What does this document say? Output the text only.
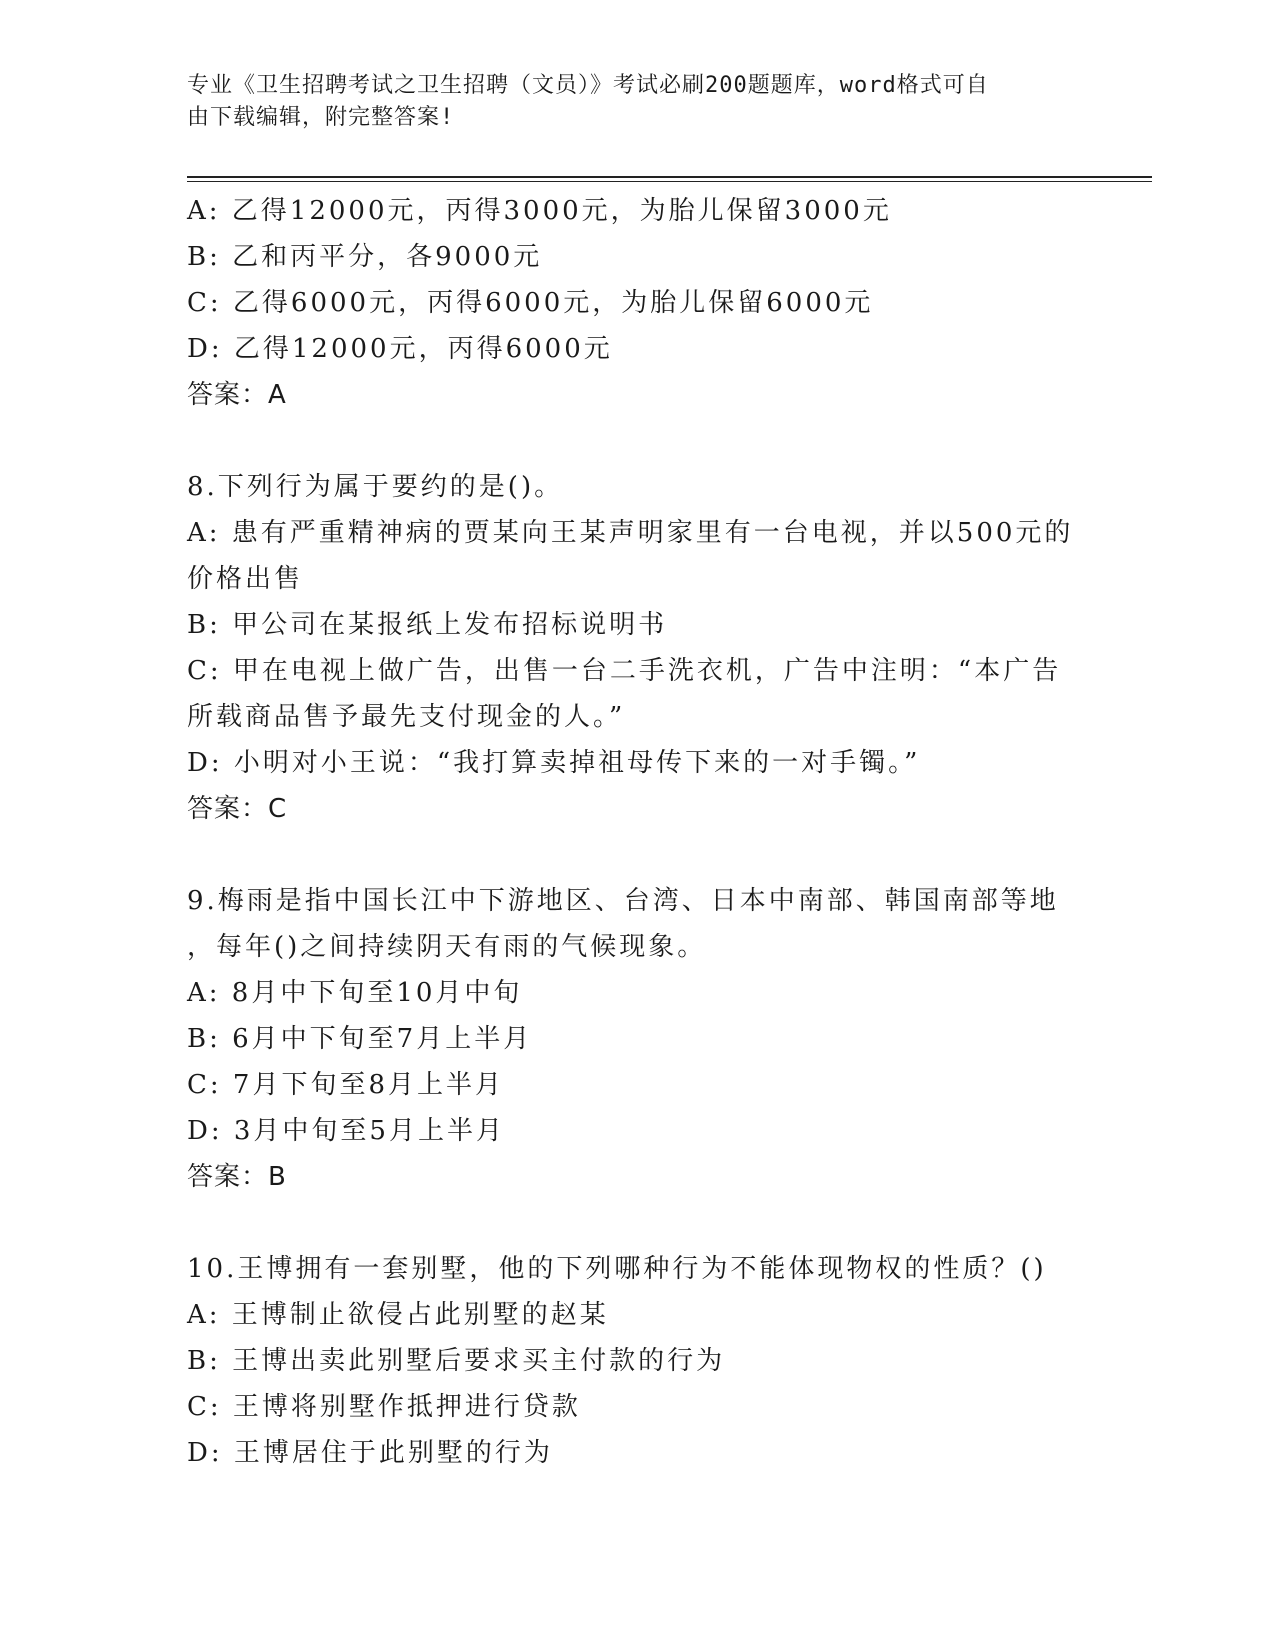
专业《卫生招聘考试之卫生招聘（文员）》考试必刷200题题库，word格式可自
由下载编辑，附完整答案!
A: 乙得12000元，丙得3000元，为胎儿保留3000元
B: 乙和丙平分，各9000元
C: 乙得6000元，丙得6000元，为胎儿保留6000元
D: 乙得12000元，丙得6000元
答案：A
8.下列行为属于要约的是()。
A: 患有严重精神病的贾某向王某声明家里有一台电视，并以500元的
价格出售
B: 甲公司在某报纸上发布招标说明书
C: 甲在电视上做广告，出售一台二手洗衣机，广告中注明：“本广告
所载商品售予最先支付现金的人。”
D: 小明对小王说：“我打算卖掉祖母传下来的一对手镯。”
答案：C
9.梅雨是指中国长江中下游地区、台湾、日本中南部、韩国南部等地
，每年()之间持续阴天有雨的气候现象。
A: 8月中下旬至10月中旬
B: 6月中下旬至7月上半月
C: 7月下旬至8月上半月
D: 3月中旬至5月上半月
答案：B
10.王博拥有一套别墅，他的下列哪种行为不能体现物权的性质？()
A: 王博制止欲侵占此别墅的赵某
B: 王博出卖此别墅后要求买主付款的行为
C: 王博将别墅作抵押进行贷款
D: 王博居住于此别墅的行为
